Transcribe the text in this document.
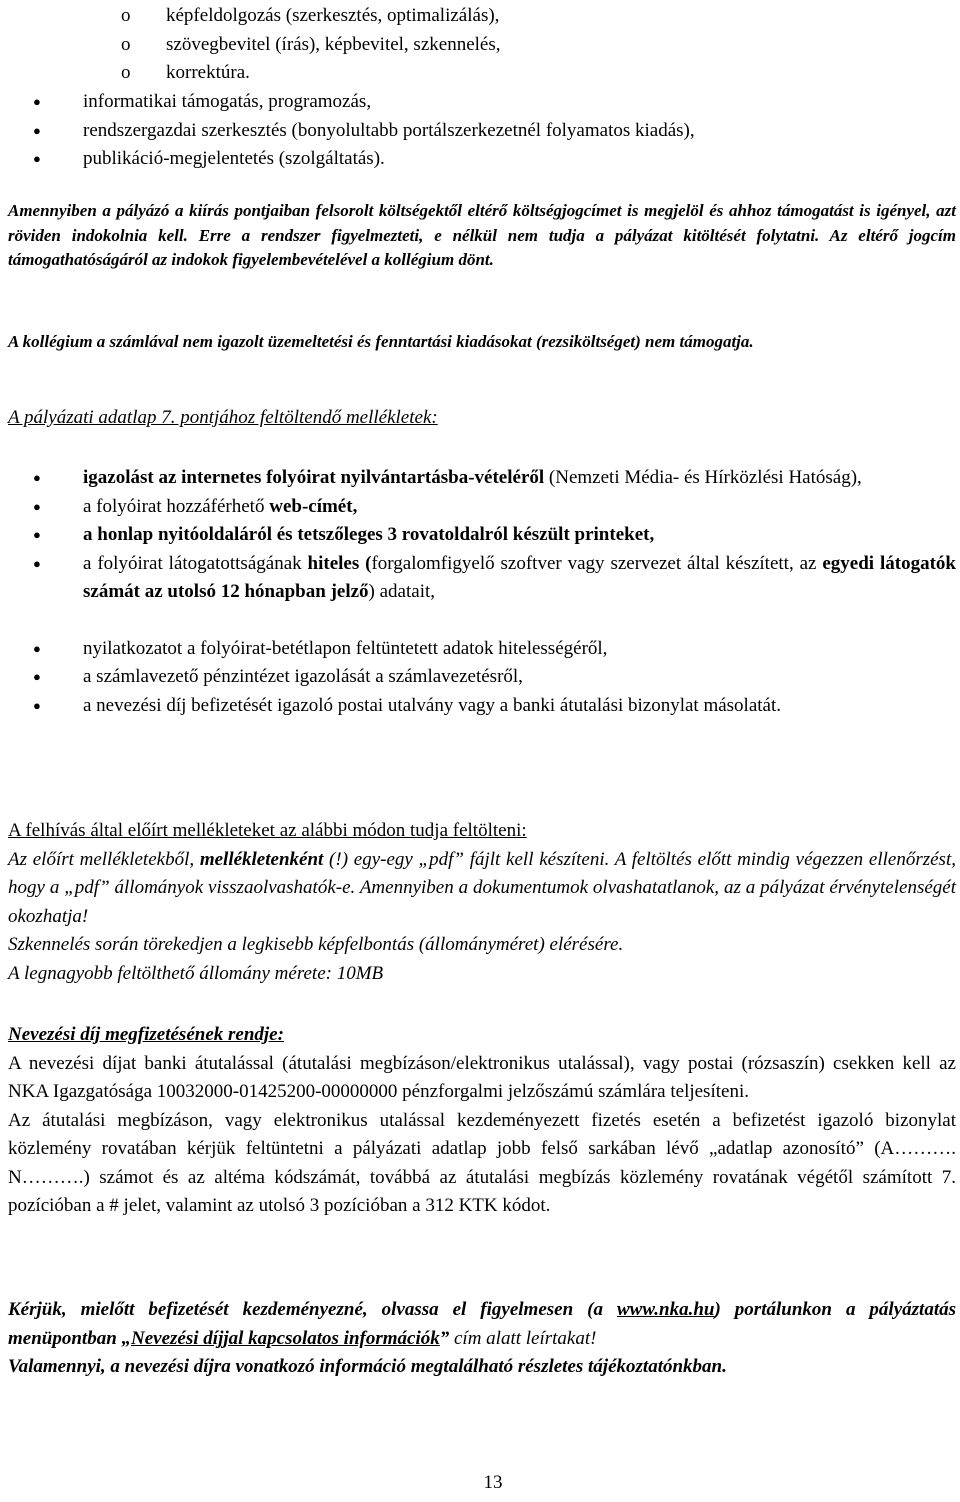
o képfeldolgozás (szerkesztés, optimalizálás),
o szövegbevitel (írás), képbevitel, szkennelés,
o korrektúra.
● informatikai támogatás, programozás,
● rendszergazdai szerkesztés (bonyolultabb portálszerkezetnél folyamatos kiadás),
● publikáció-megjelentetés (szolgáltatás).

Amennyiben a pályázó a kiírás pontjaiban felsorolt költségektől eltérő költségjogcímet is megjelöl és ahhoz támogatást is igényel, azt röviden indokolnia kell. Erre a rendszer figyelmezteti, e nélkül nem tudja a pályázat kitöltését folytatni. Az eltérő jogcím támogathatóságáról az indokok figyelembevételével a kollégium dönt.

A kollégium a számlával nem igazolt üzemeltetési és fenntartási kiadásokat (rezsiköltséget) nem támogatja.

A pályázati adatlap 7. pontjához feltöltendő mellékletek:
● igazolást az internetes folyóirat nyilvántartásba-vételéről (Nemzeti Média- és Hírközlési Hatóság),
● a folyóirat hozzáférhető web-címét,
● a honlap nyitóoldaláról és tetszőleges 3 rovatoldalról készült printeket,
● a folyóirat látogatottságának hiteles (forgalomfigyelő szoftver vagy szervezet által készített, az egyedi látogatók számát az utolsó 12 hónapban jelző) adatait,
● nyilatkozatot a folyóirat-betétlapon feltüntetett adatok hitelességéről,
● a számlavezető pénzintézet igazolását a számlavezetésről,
● a nevezési díj befizetését igazoló postai utalvány vagy a banki átutalási bizonylat másolatát.
A felhívás által előírt mellékleteket az alábbi módon tudja feltölteni:

Az előírt mellékletekből, mellékletenként (!) egy-egy „pdf” fájlt kell készíteni. A feltöltés előtt mindig végezzen ellenőrzést, hogy a „pdf” állományok visszaolvashatók-e. Amennyiben a dokumentumok olvashatatlanok, az a pályázat érvénytelenségét okozhatja!

Szkennelés során törekedjen a legkisebb képfelbontás (állományméret) elérésére.

A legnagyobb feltölthető állomány mérete: 10MB

Nevezési díj megfizetésének rendje:

A nevezési díjat banki átutalással (átutalási megbízáson/elektronikus utalással), vagy postai (rózsaszín) csekken kell az NKA Igazgatósága 10032000-01425200-00000000 pénzforgalmi jelzőszámú számlára teljesíteni.

Az átutalási megbízáson, vagy elektronikus utalással kezdeményezett fizetés esetén a befizetést igazoló bizonylat közlemény rovatában kérjük feltüntetni a pályázati adatlap jobb felső sarkában lévő „adatlap azonosító” (A………. N……….) számot és az altéma kódszámát, továbbá az átutalási megbízás közlemény rovatának végétől számított 7. pozícióban a # jelet, valamint az utolsó 3 pozícióban a 312 KTK kódot.

Kérjük, mielőtt befizetését kezdeményezné, olvassa el figyelmesen (a www.nka.hu) portálunkon a pályáztatás menüpontban „Nevezési díjjal kapcsolatos információk” cím alatt leírtakat!

Valamennyi, a nevezési díjra vonatkozó információ megtalálható részletes tájékoztatónkban.

13
